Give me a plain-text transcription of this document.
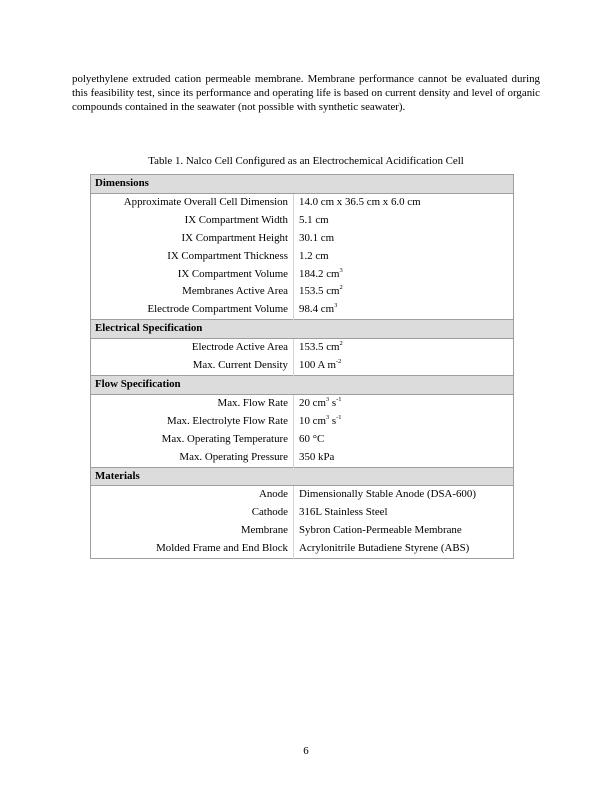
polyethylene extruded cation permeable membrane. Membrane performance cannot be evaluated during this feasibility test, since its performance and operating life is based on current density and level of organic compounds contained in the seawater (not possible with synthetic seawater).

Table 1. Nalco Cell Configured as an Electrochemical Acidification Cell

Dimensions	
Approximate Overall Cell Dimension	14.0 cm x 36.5 cm x 6.0 cm
IX Compartment Width	5.1 cm
IX Compartment Height	30.1 cm
IX Compartment Thickness	1.2 cm
IX Compartment Volume	184.2 $cm^3$
Membranes Active Area	153.5 $cm^2$
Electrode Compartment Volume	98.4 $cm^3$
Electrical Specification	
Electrode Active Area	153.5 $cm^2$
Max. Current Density	100 A $m^{-2}$
Flow Specification	
Max. Flow Rate	20 $cm^3$ $s^{-1}$
Max. Electrolyte Flow Rate	10 $cm^3$ $s^{-1}$
Max. Operating Temperature	60 °C
Max. Operating Pressure	350 kPa
Materials	
Anode	Dimensionally Stable Anode (DSA-600)
Cathode	316L Stainless Steel
Membrane	Sybron Cation-Permeable Membrane
Molded Frame and End Block	Acrylonitrile Butadiene Styrene (ABS)

6
